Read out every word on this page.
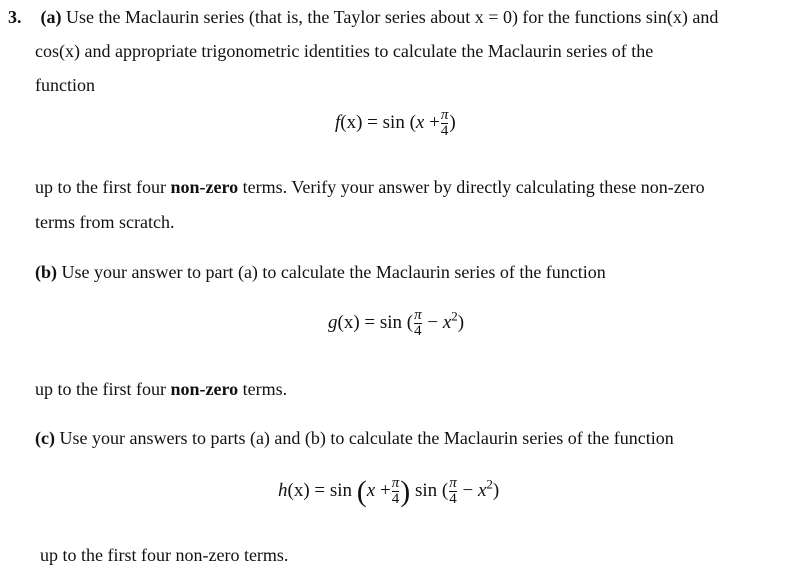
3. (a) Use the Maclaurin series (that is, the Taylor series about x = 0) for the functions sin(x) and
cos(x) and appropriate trigonometric identities to calculate the Maclaurin series of the
function
$f(x) = \sin (x + \frac{\pi}{4}$ )
up to the first four non-zero terms. Verify your answer by directly calculating these non-zero
terms from scratch.
(b) Use your answer to part (a) to calculate the Maclaurin series of the function
g(x) = sin ( $\frac{\pi}{4} - x^2$)
up to the first four non-zero terms.
(c) Use your answers to parts (a) and (b) to calculate the Maclaurin series of the function
$h(x) = \sin (x + \frac{\pi}{4}$ ) sin ( $\frac{\pi}{4} - x^2$)
up to the first four non-zero terms.
